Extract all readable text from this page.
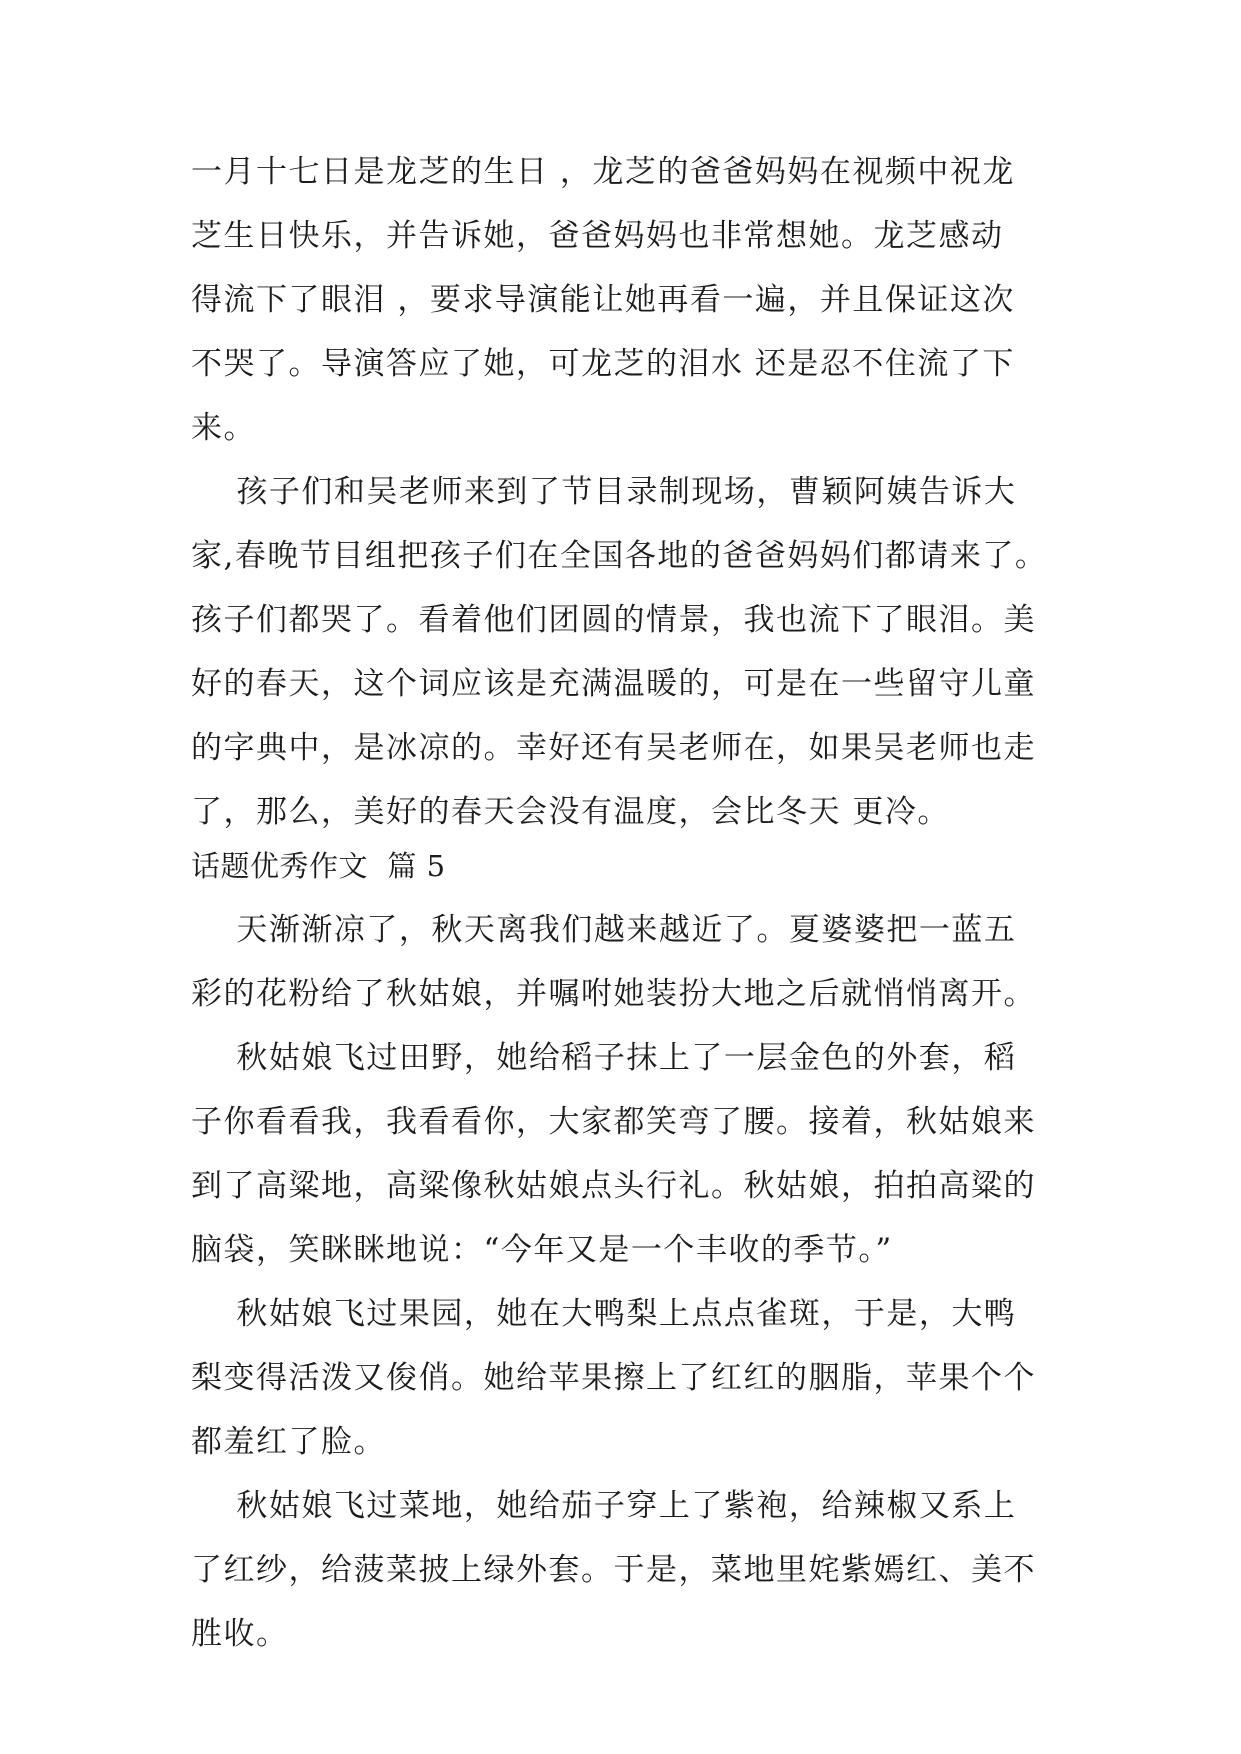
一月十七日是龙芝的生日 ，龙芝的爸爸妈妈在视频中祝龙
芝生日快乐，并告诉她，爸爸妈妈也非常想她。龙芝感动
得流下了眼泪 ，要求导演能让她再看一遍，并且保证这次
不哭了。导演答应了她，可龙芝的泪水 还是忍不住流了下
来。
孩子们和吴老师来到了节目录制现场，曹颖阿姨告诉大
家,春晚节目组把孩子们在全国各地的爸爸妈妈们都请来了。
孩子们都哭了。看着他们团圆的情景，我也流下了眼泪。美
好的春天，这个词应该是充满温暖的，可是在一些留守儿童
的字典中，是冰凉的。幸好还有吴老师在，如果吴老师也走
了，那么，美好的春天会没有温度，会比冬天 更冷。
话题优秀作文  篇 5
天渐渐凉了，秋天离我们越来越近了。夏婆婆把一蓝五
彩的花粉给了秋姑娘，并嘱咐她装扮大地之后就悄悄离开。
秋姑娘飞过田野，她给稻子抹上了一层金色的外套，稻
子你看看我，我看看你，大家都笑弯了腰。接着，秋姑娘来
到了高粱地，高粱像秋姑娘点头行礼。秋姑娘，拍拍高粱的
脑袋，笑眯眯地说：“今年又是一个丰收的季节。”
秋姑娘飞过果园，她在大鸭梨上点点雀斑，于是，大鸭
梨变得活泼又俊俏。她给苹果擦上了红红的胭脂，苹果个个
都羞红了脸。
秋姑娘飞过菜地，她给茄子穿上了紫袍，给辣椒又系上
了红纱，给菠菜披上绿外套。于是，菜地里姹紫嫣红、美不
胜收。
